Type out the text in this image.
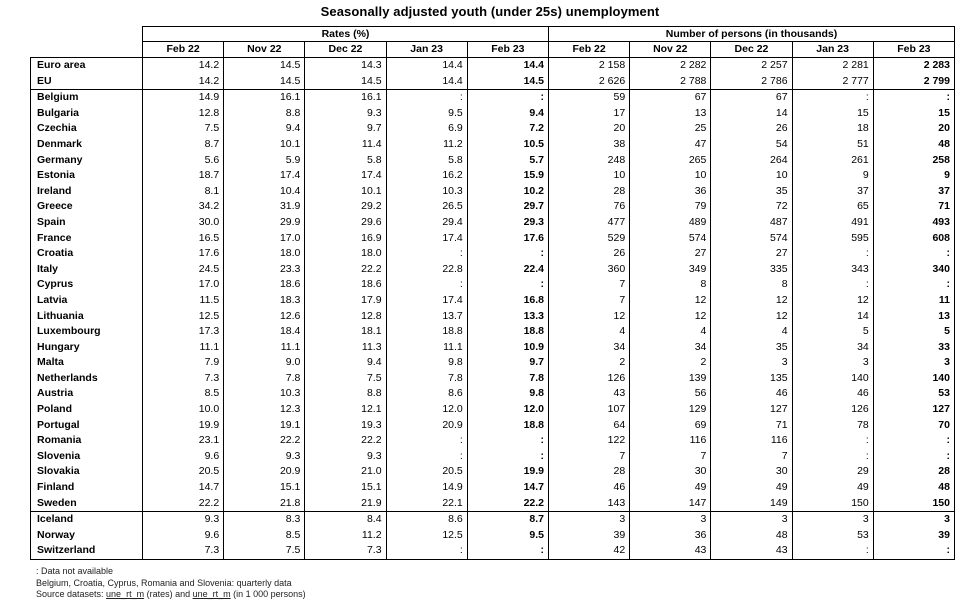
Seasonally adjusted youth (under 25s) unemployment
	Rates (%)					Number of persons (in thousands)				
	Feb 22	Nov 22	Dec 22	Jan 23	Feb 23	Feb 22	Nov 22	Dec 22	Jan 23	Feb 23
Euro area	14.2	14.5	14.3	14.4	14.4	2 158	2 282	2 257	2 281	2 283
EU	14.2	14.5	14.5	14.4	14.5	2 626	2 788	2 786	2 777	2 799
Belgium	14.9	16.1	16.1	:	:	59	67	67	:	:
Bulgaria	12.8	8.8	9.3	9.5	9.4	17	13	14	15	15
Czechia	7.5	9.4	9.7	6.9	7.2	20	25	26	18	20
Denmark	8.7	10.1	11.4	11.2	10.5	38	47	54	51	48
Germany	5.6	5.9	5.8	5.8	5.7	248	265	264	261	258
Estonia	18.7	17.4	17.4	16.2	15.9	10	10	10	9	9
Ireland	8.1	10.4	10.1	10.3	10.2	28	36	35	37	37
Greece	34.2	31.9	29.2	26.5	29.7	76	79	72	65	71
Spain	30.0	29.9	29.6	29.4	29.3	477	489	487	491	493
France	16.5	17.0	16.9	17.4	17.6	529	574	574	595	608
Croatia	17.6	18.0	18.0	:	:	26	27	27	:	:
Italy	24.5	23.3	22.2	22.8	22.4	360	349	335	343	340
Cyprus	17.0	18.6	18.6	:	:	7	8	8	:	:
Latvia	11.5	18.3	17.9	17.4	16.8	7	12	12	12	11
Lithuania	12.5	12.6	12.8	13.7	13.3	12	12	12	14	13
Luxembourg	17.3	18.4	18.1	18.8	18.8	4	4	4	5	5
Hungary	11.1	11.1	11.3	11.1	10.9	34	34	35	34	33
Malta	7.9	9.0	9.4	9.8	9.7	2	2	3	3	3
Netherlands	7.3	7.8	7.5	7.8	7.8	126	139	135	140	140
Austria	8.5	10.3	8.8	8.6	9.8	43	56	46	46	53
Poland	10.0	12.3	12.1	12.0	12.0	107	129	127	126	127
Portugal	19.9	19.1	19.3	20.9	18.8	64	69	71	78	70
Romania	23.1	22.2	22.2	:	:	122	116	116	:	:
Slovenia	9.6	9.3	9.3	:	:	7	7	7	:	:
Slovakia	20.5	20.9	21.0	20.5	19.9	28	30	30	29	28
Finland	14.7	15.1	15.1	14.9	14.7	46	49	49	49	48
Sweden	22.2	21.8	21.9	22.1	22.2	143	147	149	150	150
Iceland	9.3	8.3	8.4	8.6	8.7	3	3	3	3	3
Norway	9.6	8.5	11.2	12.5	9.5	39	36	48	53	39
Switzerland	7.3	7.5	7.3	:	:	42	43	43	:	:
: Data not available
Belgium, Croatia, Cyprus, Romania and Slovenia: quarterly data
Source datasets: une_rt_m (rates) and une_rt_m (in 1 000 persons)
